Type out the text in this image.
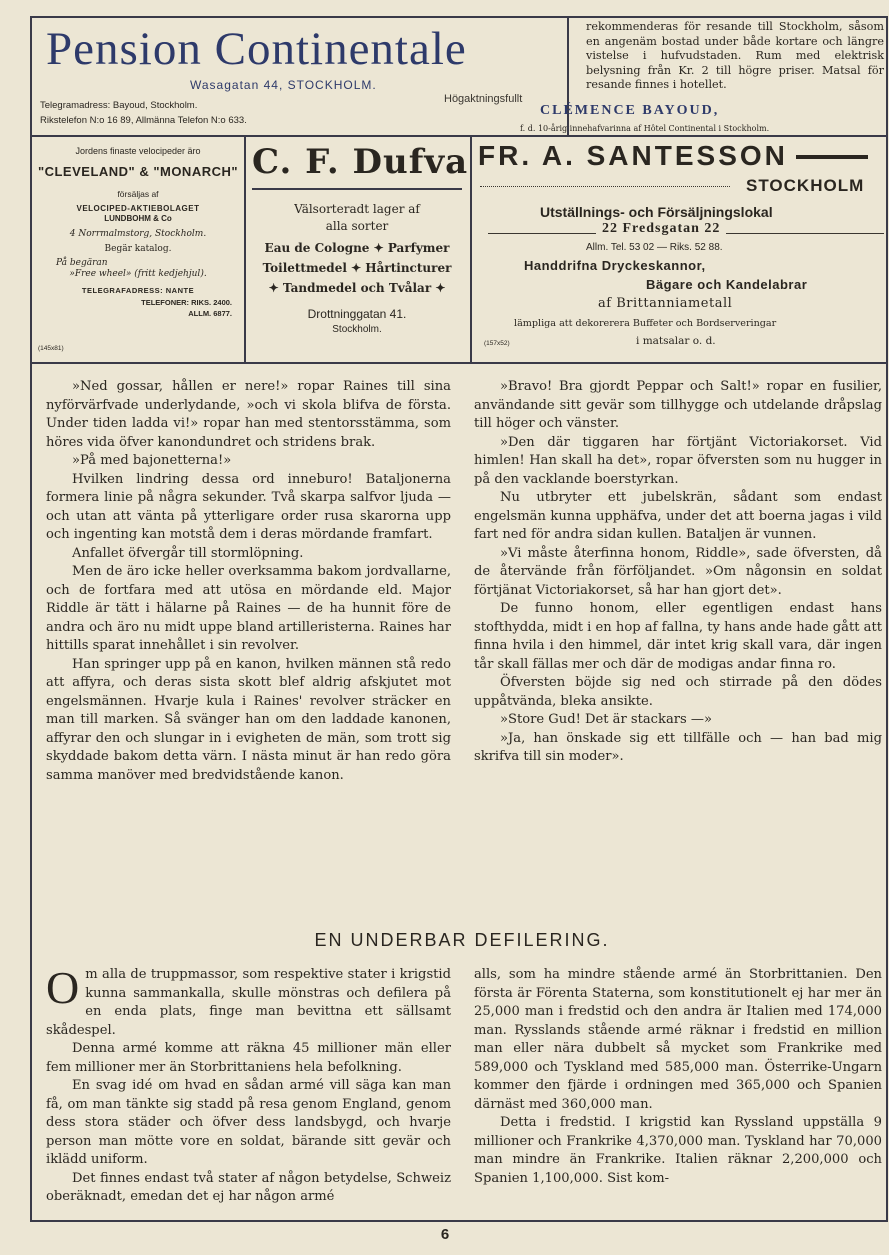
Pension Continentale
Wasagatan 44, STOCKHOLM.
Telegramadress: Bayoud, Stockholm.
Rikstelefon N:o 16 89, Allmänna Telefon N:o 633.
Högaktningsfullt
rekommenderas för resande till Stockholm, såsom en angenäm bostad under både kortare och längre vistelse i hufvudstaden. Rum med elektrisk belysning från Kr. 2 till högre priser. Matsal för resande finnes i hotellet.
CLÉMENCE BAYOUD,
f. d. 10-årig innehafvarinna af Hôtel Continental i Stockholm.
Jordens finaste velocipeder äro
"CLEVELAND" & "MONARCH"
försäljas af
VELOCIPED-AKTIEBOLAGET
LUNDBOHM & Co
4 Norrmalmstorg, Stockholm.
Begär katalog.
På begäran
»Free wheel» (fritt kedjehjul).
TELEGRAFADRESS: NANTE
TELEFONER: RIKS. 2400.
ALLM. 6877.
(145x81)
C. F. Dufva
Välsorteradt lager af
alla sorter
Eau de Cologne ✦ Parfymer
Toilettmedel ✦ Hårtincturer
✦ Tandmedel och Tvålar ✦
Drottninggatan 41.
Stockholm.
FR. A. SANTESSON
STOCKHOLM
Utställnings- och Försäljningslokal
22 Fredsgatan 22
Allm. Tel. 53 02 — Riks. 52 88.
Handdrifna Dryckeskannor,
Bägare och Kandelabrar
af Brittanniametall
lämpliga att dekorerera Buffeter och Bordserveringar
i matsalar o. d.
(157x52)

»Ned gossar, hållen er nere!» ropar Raines till sina nyförvärfvade underlydande, »och vi skola blifva de första. Under tiden ladda vi!» ropar han med stentorsstämma, som höres vida öfver kanondundret och stridens brak.

»På med bajonetterna!»

Hvilken lindring dessa ord inneburo! Bataljonerna formera linie på några sekunder. Två skarpa salfvor ljuda — och utan att vänta på ytterligare order rusa skarorna upp och ingenting kan motstå dem i deras mördande framfart.

Anfallet öfvergår till stormlöpning.

Men de äro icke heller overksamma bakom jordvallarne, och de fortfara med att utösa en mördande eld. Major Riddle är tätt i hälarne på Raines — de ha hunnit före de andra och äro nu midt uppe bland artilleristerna. Raines har hittills sparat innehållet i sin revolver.

Han springer upp på en kanon, hvilken männen stå redo att affyra, och deras sista skott blef aldrig afskjutet mot engelsmännen. Hvarje kula i Raines' revolver sträcker en man till marken. Så svänger han om den laddade kanonen, affyrar den och slungar in i evigheten de män, som trott sig skyddade bakom detta värn. I nästa minut är han redo göra samma manöver med bredvidstående kanon.

»Bravo! Bra gjordt Peppar och Salt!» ropar en fusilier, användande sitt gevär som tillhygge och utdelande dråpslag till höger och vänster.

»Den där tiggaren har förtjänt Victoriakorset. Vid himlen! Han skall ha det», ropar öfversten som nu hugger in på den vacklande boerstyrkan.

Nu utbryter ett jubelskrän, sådant som endast engelsmän kunna upphäfva, under det att boerna jagas i vild fart ned för andra sidan kullen. Bataljen är vunnen.

»Vi måste återfinna honom, Riddle», sade öfversten, då de återvände från förföljandet. »Om någonsin en soldat förtjänat Victoriakorset, så har han gjort det».

De funno honom, eller egentligen endast hans stofthydda, midt i en hop af fallna, ty hans ande hade gått att finna hvila i den himmel, där intet krig skall vara, där ingen tår skall fällas mer och där de modigas andar finna ro.

Öfversten böjde sig ned och stirrade på den dödes uppåtvända, bleka ansikte.

»Store Gud! Det är stackars —»

»Ja, han önskade sig ett tillfälle och — han bad mig skrifva till sin moder».

EN UNDERBAR DEFILERING.

Om alla de truppmassor, som respektive stater i krigstid kunna sammankalla, skulle mönstras och defilera på en enda plats, finge man bevittna ett sällsamt skådespel.

Denna armé komme att räkna 45 millioner män eller fem millioner mer än Storbrittaniens hela befolkning.

En svag idé om hvad en sådan armé vill säga kan man få, om man tänkte sig stadd på resa genom England, genom dess stora städer och öfver dess landsbygd, och hvarje person man mötte vore en soldat, bärande sitt gevär och iklädd uniform.

Det finnes endast två stater af någon betydelse, Schweiz oberäknadt, emedan det ej har någon armé

alls, som ha mindre stående armé än Storbrittanien. Den första är Förenta Staterna, som konstitutionelt ej har mer än 25,000 man i fredstid och den andra är Italien med 174,000 man. Rysslands stående armé räknar i fredstid en million man eller nära dubbelt så mycket som Frankrike med 589,000 och Tyskland med 585,000 man. Österrike-Ungarn kommer den fjärde i ordningen med 365,000 och Spanien därnäst med 360,000 man.

Detta i fredstid. I krigstid kan Ryssland uppställa 9 millioner och Frankrike 4,370,000 man. Tyskland har 70,000 man mindre än Frankrike. Italien räknar 2,200,000 och Spanien 1,100,000. Sist kom-

6
